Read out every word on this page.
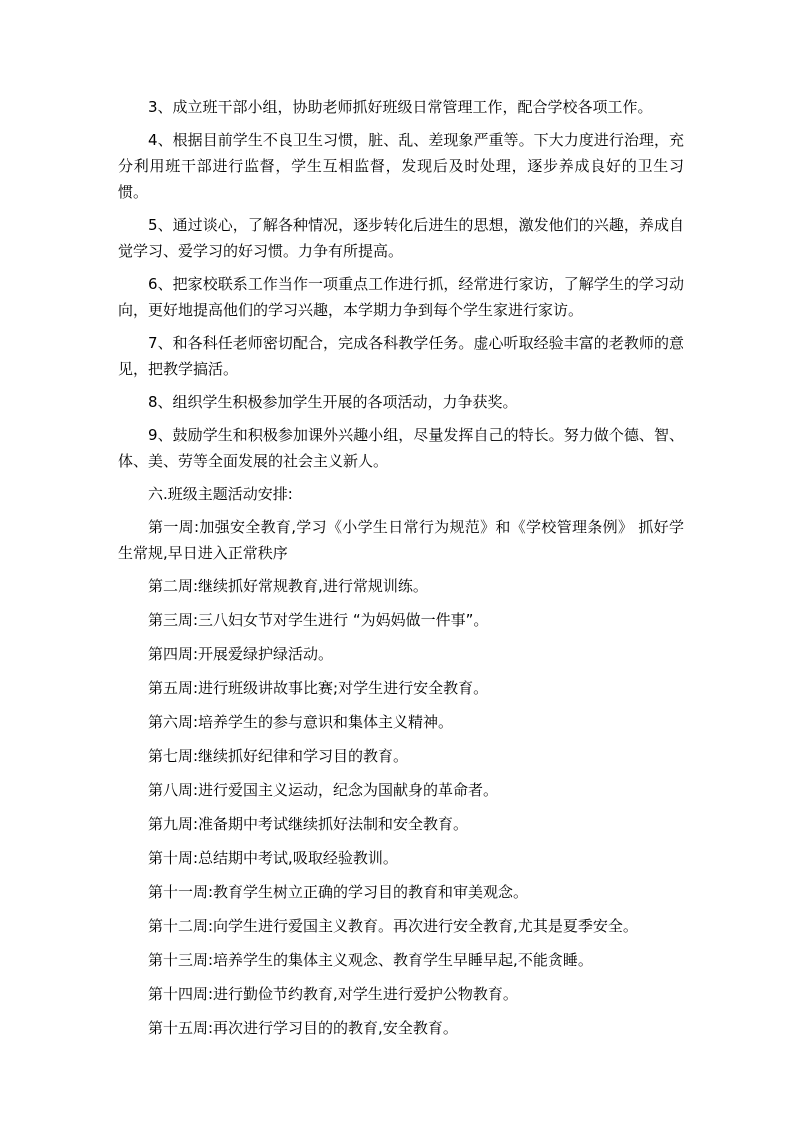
3、成立班干部小组，协助老师抓好班级日常管理工作，配合学校各项工作。

4、根据目前学生不良卫生习惯，脏、乱、差现象严重等。下大力度进行治理，充分利用班干部进行监督，学生互相监督，发现后及时处理，逐步养成良好的卫生习惯。

5、通过谈心，了解各种情况，逐步转化后进生的思想，激发他们的兴趣，养成自觉学习、爱学习的好习惯。力争有所提高。

6、把家校联系工作当作一项重点工作进行抓，经常进行家访，了解学生的学习动向，更好地提高他们的学习兴趣，本学期力争到每个学生家进行家访。

7、和各科任老师密切配合，完成各科教学任务。虚心听取经验丰富的老教师的意见，把教学搞活。

8、组织学生积极参加学生开展的各项活动，力争获奖。

9、鼓励学生和积极参加课外兴趣小组，尽量发挥自己的特长。努力做个德、智、体、美、劳等全面发展的社会主义新人。

六.班级主题活动安排:

第一周:加强安全教育,学习《小学生日常行为规范》和《学校管理条例》 抓好学生常规,早日进入正常秩序

第二周:继续抓好常规教育,进行常规训练。

第三周:三八妇女节对学生进行 “为妈妈做一件事”。

第四周:开展爱绿护绿活动。

第五周:进行班级讲故事比赛;对学生进行安全教育。

第六周:培养学生的参与意识和集体主义精神。

第七周:继续抓好纪律和学习目的教育。

第八周:进行爱国主义运动，纪念为国献身的革命者。

第九周:准备期中考试继续抓好法制和安全教育。

第十周:总结期中考试,吸取经验教训。

第十一周:教育学生树立正确的学习目的教育和审美观念。

第十二周:向学生进行爱国主义教育。再次进行安全教育,尤其是夏季安全。

第十三周:培养学生的集体主义观念、教育学生早睡早起,不能贪睡。

第十四周:进行勤俭节约教育,对学生进行爱护公物教育。

第十五周:再次进行学习目的的教育,安全教育。
